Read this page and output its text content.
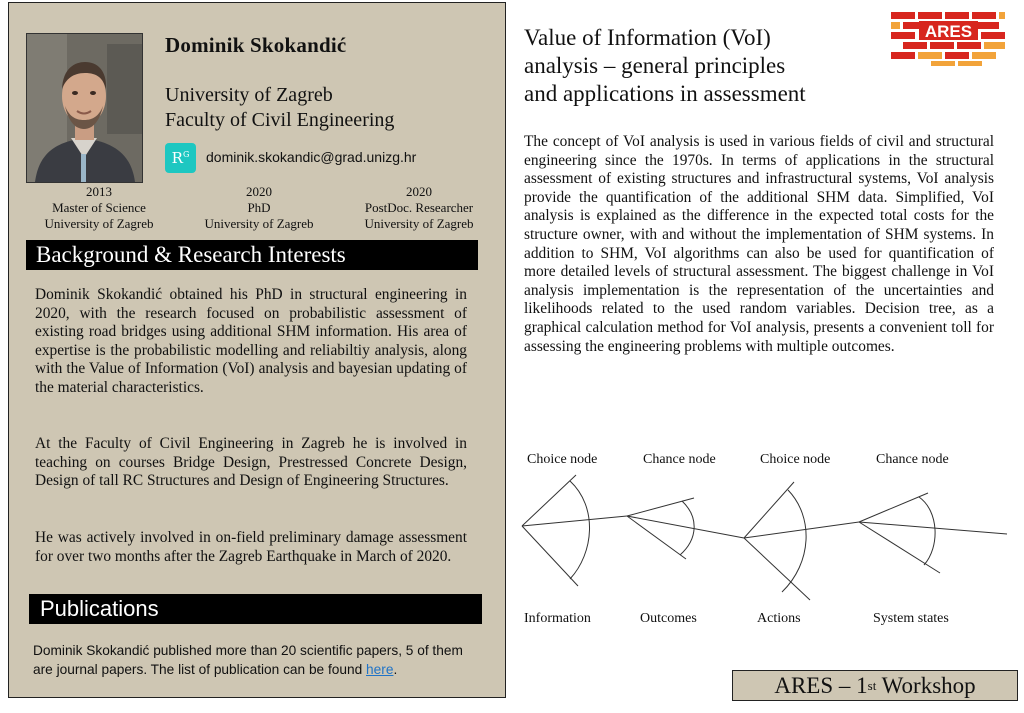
Dominik Skokandić
University of Zagreb
Faculty of Civil Engineering
$R^G$ dominik.skokandic@grad.unizg.hr
2013
Master of Science
University of Zagreb
2020
PhD
University of Zagreb
2020
PostDoc. Researcher
University of Zagreb
Background & Research Interests
Dominik Skokandić obtained his PhD in structural engineering in 2020, with the research focused on probabilistic assessment of existing road bridges using additional SHM information. His area of expertise is the probabilistic modelling and reliabiltiy analysis, along with the Value of Information (VoI) analysis and bayesian updating of the material characteristics.
At the Faculty of Civil Engineering in Zagreb he is involved in teaching on courses Bridge Design, Prestressed Concrete Design, Design of tall RC Structures and Design of Engineering Structures.
He was actively involved in on-field preliminary damage assessment for over two months after the Zagreb Earthquake in March of 2020.
Publications
Dominik Skokandić published more than 20 scientific papers, 5 of them are journal papers. The list of publication can be found here.
Value of Information (VoI)
analysis – general principles
and applications in assessment
ARES
The concept of VoI analysis is used in various fields of civil and structural engineering since the 1970s. In terms of applications in the structural assessment of existing structures and infrastructural systems, VoI analysis provide the quantification of the additional SHM data. Simplified, VoI analysis is explained as the difference in the expected total costs for the structure owner, with and without the implementation of SHM systems. In addition to SHM, VoI algorithms can also be used for quantification of more detailed levels of structural assessment. The biggest challenge in VoI analysis implementation is the representation of the uncertainties and likelihoods related to the used random variables. Decision tree, as a graphical calculation method for VoI analysis, presents a convenient toll for assessing the engineering problems with multiple outcomes.
Choice node	Chance node	Choice node	Chance node
Information	Outcomes	Actions	System states
ARES – 1 st Workshop
